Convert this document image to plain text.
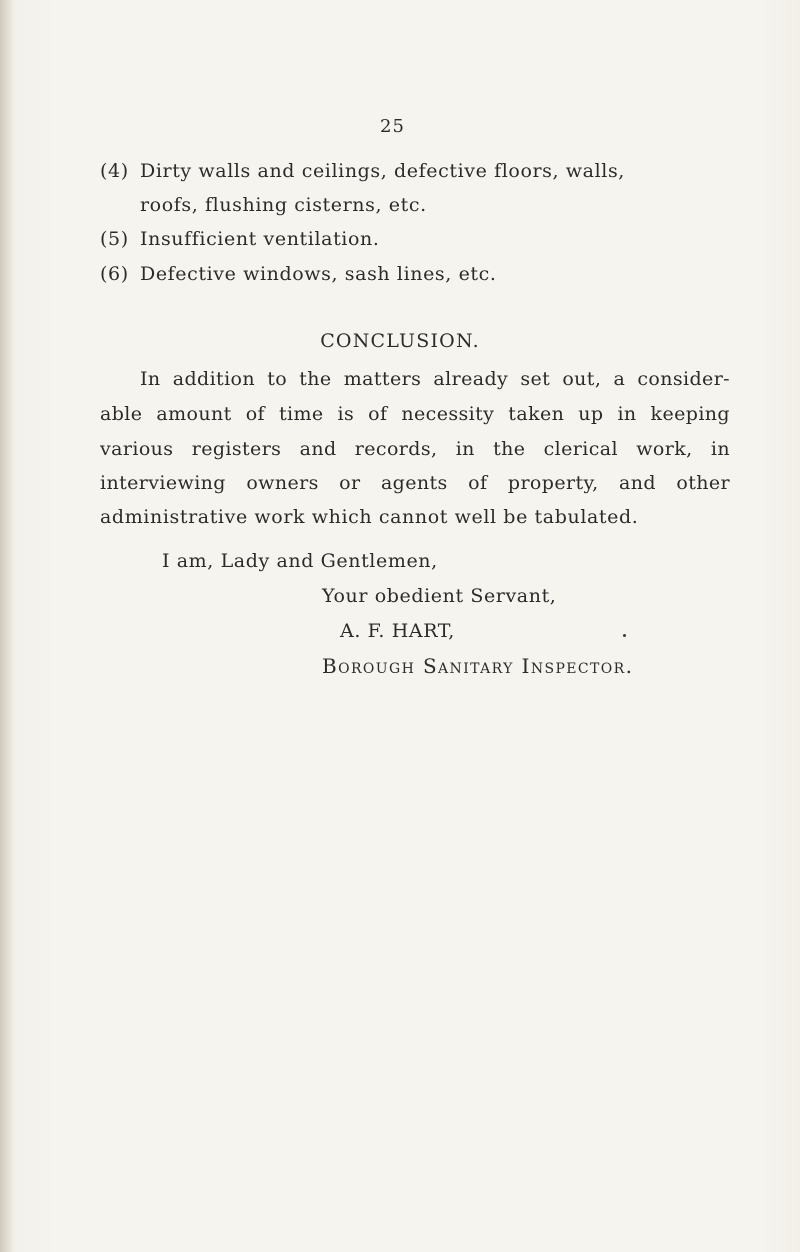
25
(4) Dirty walls and ceilings, defective floors, walls,
roofs, flushing cisterns, etc.
(5) Insufficient ventilation.
(6) Defective windows, sash lines, etc.
CONCLUSION.
In addition to the matters already set out, a consider-
able amount of time is of necessity taken up in keeping
various registers and records, in the clerical work, in
interviewing owners or agents of property, and other
administrative work which cannot well be tabulated.
I am, Lady and Gentlemen,
Your obedient Servant,
A. F. HART,
Borough Sanitary Inspector.
